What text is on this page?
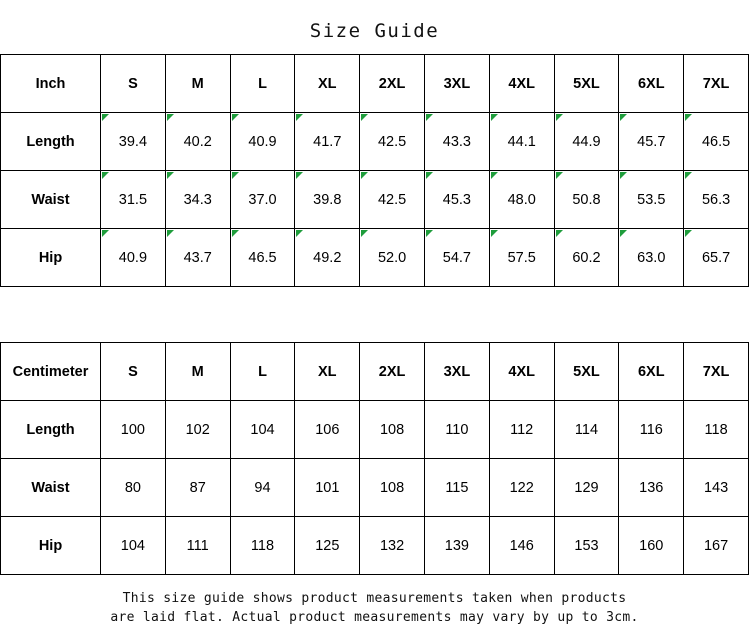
Size Guide
Inch	S	M	L	XL	2XL	3XL	4XL	5XL	6XL	7XL
Length	39.4	40.2	40.9	41.7	42.5	43.3	44.1	44.9	45.7	46.5
Waist	31.5	34.3	37.0	39.8	42.5	45.3	48.0	50.8	53.5	56.3
Hip	40.9	43.7	46.5	49.2	52.0	54.7	57.5	60.2	63.0	65.7
Centimeter	S	M	L	XL	2XL	3XL	4XL	5XL	6XL	7XL
Length	100	102	104	106	108	110	112	114	116	118
Waist	80	87	94	101	108	115	122	129	136	143
Hip	104	111	118	125	132	139	146	153	160	167
This size guide shows product measurements taken when products
are laid flat. Actual product measurements may vary by up to 3cm.
